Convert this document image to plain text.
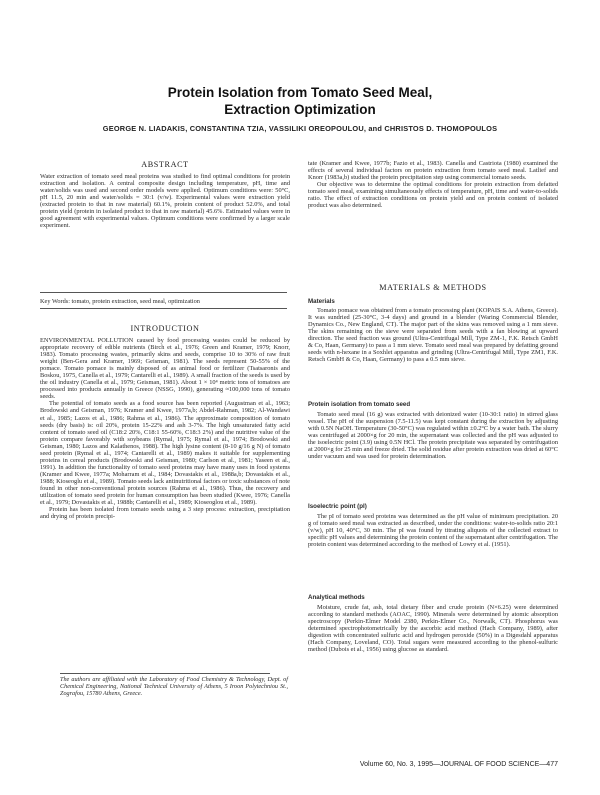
Protein Isolation from Tomato Seed Meal,
Extraction Optimization
GEORGE N. LIADAKIS, CONSTANTINA TZIA, VASSILIKI OREOPOULOU, and CHRISTOS D. THOMOPOULOS
ABSTRACT

Water extraction of tomato seed meal proteins was studied to find optimal conditions for protein extraction and isolation. A central composite design including temperature, pH, time and water/solids was used and second order models were applied. Optimum conditions were: 50°C, pH 11.5, 20 min and water/solids = 30:1 (v/w). Experimental values were extraction yield (extracted protein to that in raw material) 60.1%, protein content of product 52.0%, and total protein yield (protein in isolated product to that in raw material) 45.6%. Estimated values were in good agreement with experimental values. Optimum conditions were confirmed by a larger scale experiment.

Key Words: tomato, protein extraction, seed meal, optimization
INTRODUCTION

ENVIRONMENTAL POLLUTION caused by food processing wastes could be reduced by appropriate recovery of edible nutrients (Birch et al., 1976; Green and Kramer, 1979; Knorr, 1983). Tomato processing wastes, primarily skins and seeds, comprise 10 to 30% of raw fruit weight (Ben-Gera and Kramer, 1969; Geisman, 1981). The seeds represent 50-55% of the pomace. Tomato pomace is mainly disposed of as animal food or fertilizer (Tsatsaronis and Boskou, 1975, Canella et al., 1979; Cantarelli et al., 1989). A small fraction of the seeds is used by the oil industry (Canella et al., 1979; Geisman, 1981). About 1 × 10⁴ metric tons of tomatoes are processed into products annually in Greece (NSSG, 1990), generating ≈100,000 tons of tomato seeds.

The potential of tomato seeds as a food source has been reported (Augustman et al., 1963; Brodowski and Geisman, 1976; Kramer and Kwee, 1977a,b; Abdel-Rahman, 1982; Al-Wandawi et al., 1985; Lazos et al., 1986; Rahma et al., 1986). The approximate composition of tomato seeds (dry basis) is: oil 20%, protein 15-22% and ash 3-7%. The high unsaturated fatty acid content of tomato seed oil (C18:2 20%, C18:1 55-60%, C18:3 2%) and the nutritive value of the protein compare favorably with soybeans (Rymal, 1975; Rymal et al., 1974; Brodowski and Geisman, 1980; Lazos and Kalathenos, 1988). The high lysine content (8-10 g/16 g N) of tomato seed protein (Rymal et al., 1974; Cantarelli et al., 1989) makes it suitable for supplementing proteins in cereal products (Brodowski and Geisman, 1980; Carlson et al., 1981; Yaseen et al., 1991). In addition the functionality of tomato seed proteins may have many uses in food systems (Kramer and Kwee, 1977a; Moharram et al., 1984; Dovastakis et al., 1988a,b; Dovastakis et al., 1988; Kioseoglu et al., 1989). Tomato seeds lack antinutritional factors or toxic substances of note found in other non-conventional protein sources (Rahma et al., 1986). Thus, the recovery and utilization of tomato seed protein for human consumption has been studied (Kwee, 1976; Canella et al., 1979; Dovastakis et al., 1988b; Cantarelli et al., 1989; Kioseoglou et al., 1989).

Protein has been isolated from tomato seeds using a 3 step process: extraction, precipitation and drying of protein precipi-

The authors are affiliated with the Laboratory of Food Chemistry & Technology, Dept. of Chemical Engineering, National Technical University of Athens, 5 Iroon Polytechniou St., Zografou, 15780 Athens, Greece.

tate (Kramer and Kwee, 1977b; Fazio et al., 1983). Canella and Castriota (1980) examined the effects of several individual factors on protein extraction from tomato seed meal. Latlief and Knorr (1983a,b) studied the protein precipitation step using commercial tomato seeds.

Our objective was to determine the optimal conditions for protein extraction from defatted tomato seed meal, examining simultaneously effects of temperature, pH, time and water-to-solids ratio. The effect of extraction conditions on protein yield and on protein content of isolated product was also determined.

MATERIALS & METHODS
Materials

Tomato pomace was obtained from a tomato processing plant (KOPAIS S.A. Athens, Greece). It was sundried (25-30°C, 3-4 days) and ground in a blender (Waring Commercial Blender, Dynamics Co., New England, CT). The major part of the skins was removed using a 1 mm sieve. The skins remaining on the sieve were separated from seeds with a fan blowing at upward direction. The seed fraction was ground (Ultra-Centrifugal Mill, Type ZM-1, F.K. Retsch GmbH & Co, Haan, Germany) to pass a 1 mm sieve. Tomato seed meal was prepared by defatting ground seeds with n-hexane in a Soxhlet apparatus and grinding (Ultra-Centrifugal Mill, Type ZM1, F.K. Retsch GmbH & Co, Haan, Germany) to pass a 0.5 mm sieve.

Protein isolation from tomato seed

Tomato seed meal (16 g) was extracted with deionized water (10-30:1 ratio) in stirred glass vessel. The pH of the suspension (7.5-11.5) was kept constant during the extraction by adjusting with 0.5N NaOH. Temperature (30-50°C) was regulated within ±0.2°C by a water bath. The slurry was centrifuged at 2000×g for 20 min, the supernatant was collected and the pH was adjusted to the isoelectric point (3.9) using 0.5N HCl. The protein precipitate was separated by centrifugation at 2000×g for 25 min and freeze dried. The solid residue after protein extraction was dried at 60°C under vacuum and was used for protein determination.

Isoelectric point (pI)

The pI of tomato seed proteins was determined as the pH value of minimum precipitation. 20 g of tomato seed meal was extracted as described, under the conditions: water-to-solids ratio 20:1 (v/w), pH 10, 40°C, 30 min. The pI was found by titrating aliquots of the collected extract to specific pH values and determining the protein content of the supernatant after centrifugation. The protein content was determined according to the method of Lowry et al. (1951).

Analytical methods

Moisture, crude fat, ash, total dietary fiber and crude protein (N×6.25) were determined according to standard methods (AOAC, 1990). Minerals were determined by atomic absorption spectroscopy (Perkin-Elmer Model 2380, Perkin-Elmer Co., Norwalk, CT). Phosphorus was determined spectrophotometrically by the ascorbic acid method (Hach Company, 1989), after digestion with concentrated sulfuric acid and hydrogen peroxide (50%) in a Digesdahl apparatus (Hach Company, Loveland, CO). Total sugars were measured according to the phenol-sulfuric method (Dubois et al., 1956) using glucose as standard.

Volume 60, No. 3, 1995—JOURNAL OF FOOD SCIENCE—477
